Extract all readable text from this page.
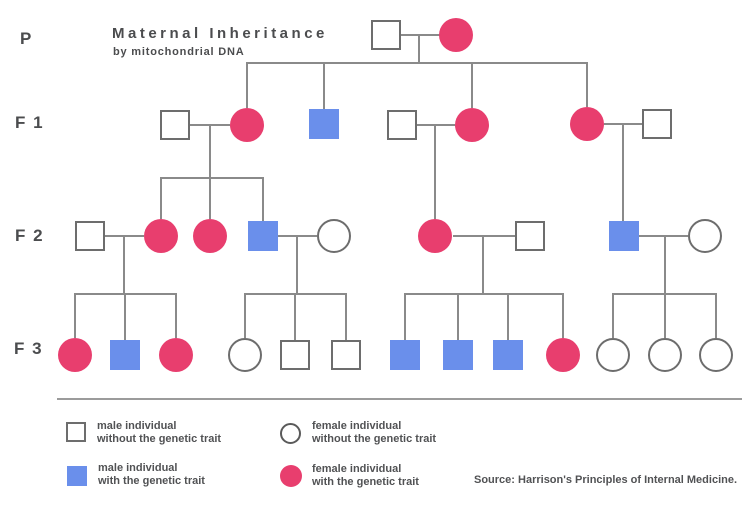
Maternal Inheritance
by mitochondrial DNA
P
F 1
F 2
F 3
male individual
without the genetic trait
male individual
with the genetic trait
female individual
without the genetic trait
female individual
with the genetic trait	Source: Harrison's Principles of Internal Medicine.
